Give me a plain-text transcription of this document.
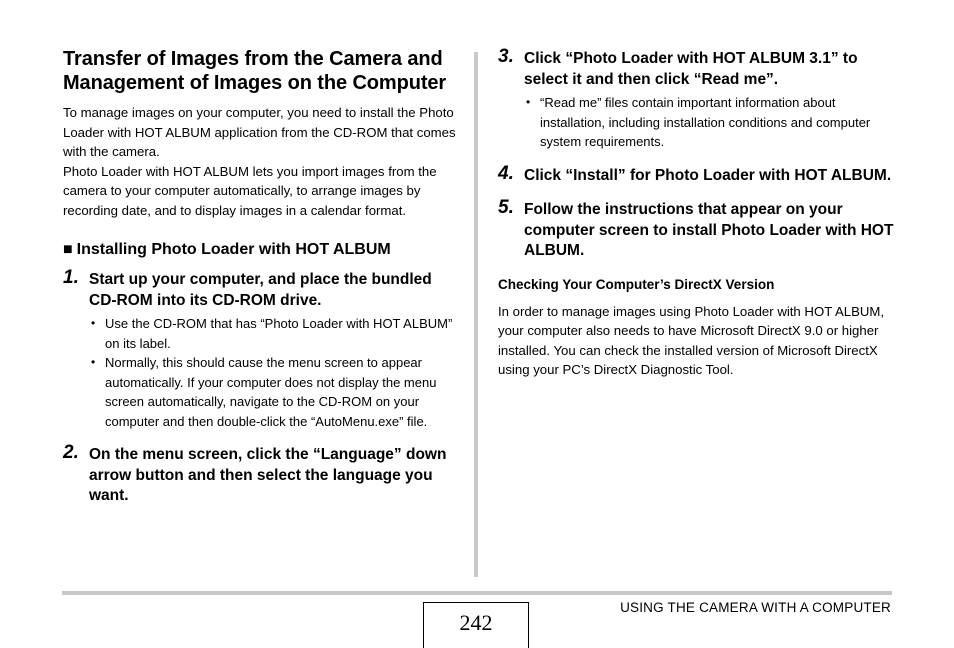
Transfer of Images from the Camera and Management of Images on the Computer

To manage images on your computer, you need to install the Photo Loader with HOT ALBUM application from the CD-ROM that comes with the camera.

Photo Loader with HOT ALBUM lets you import images from the camera to your computer automatically, to arrange images by recording date, and to display images in a calendar format.

■ Installing Photo Loader with HOT ALBUM
1. Start up your computer, and place the bundled CD-ROM into its CD-ROM drive.

• Use the CD-ROM that has “Photo Loader with HOT ALBUM” on its label.
• Normally, this should cause the menu screen to appear automatically. If your computer does not display the menu screen automatically, navigate to the CD-ROM on your computer and then double-click the “AutoMenu.exe” file.
2. On the menu screen, click the “Language” down arrow button and then select the language you want.

3. Click “Photo Loader with HOT ALBUM 3.1” to select it and then click “Read me”.

• “Read me” files contain important information about installation, including installation conditions and computer system requirements.
4. Click “Install” for Photo Loader with HOT ALBUM.

5. Follow the instructions that appear on your computer screen to install Photo Loader with HOT ALBUM.

Checking Your Computer’s DirectX Version

In order to manage images using Photo Loader with HOT ALBUM, your computer also needs to have Microsoft DirectX 9.0 or higher installed. You can check the installed version of Microsoft DirectX using your PC’s DirectX Diagnostic Tool.

242
USING THE CAMERA WITH A COMPUTER
